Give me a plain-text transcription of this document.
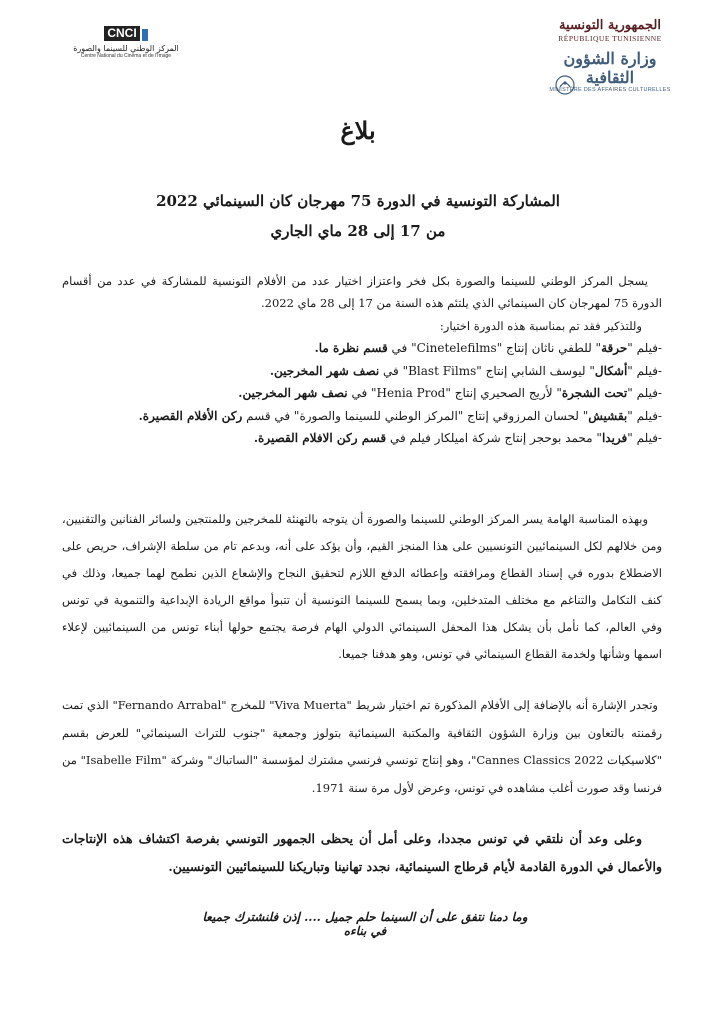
الجمهورية التونسية
RÉPUBLIQUE TUNISIENNE
وزارة الشؤون الثقافية
MINISTÈRE DES AFFAIRES CULTURELLES
CNCI
المركز الوطني للسينما والصورة
Centre National du Cinéma et de l'Image
بلاغ
المشاركة التونسية في الدورة 75 مهرجان كان السينمائي 2022
من 17 إلى 28 ماي الجاري
يسجل المركز الوطني للسينما والصورة بكل فخر واعتزاز اختيار عدد من الأفلام التونسية للمشاركة في عدد من أقسام الدورة 75 لمهرجان كان السينمائي الذي يلتئم هذه السنة من 17 إلى 28 ماي 2022.
وللتذكير فقد تم بمناسبة هذه الدورة اختيار:
-فيلم "حرقة" للطفي ناثان إنتاج "Cinetelefilms" في قسم نظرة ما.
-فيلم "أشكال" ليوسف الشابي إنتاج "Blast Films" في نصف شهر المخرجين.
-فيلم "تحت الشجرة" لأريج الصحيري إنتاج "Henia Prod" في نصف شهر المخرجين.
-فيلم "بقشيش" لحسان المرزوقي إنتاج "المركز الوطني للسينما والصورة" في قسم ركن الأفلام القصيرة.
-فيلم "فريدا" محمد بوحجر إنتاج شركة اميلكار فيلم في قسم ركن الافلام القصيرة.
وبهذه المناسبة الهامة يسر المركز الوطني للسينما والصورة أن يتوجه بالتهنئة للمخرجين وللمنتجين ولسائر الفنانين والتقنيين، ومن خلالهم لكل السينمائيين التونسيين على هذا المنجز القيم، وأن يؤكد على أنه، وبدعم تام من سلطة الإشراف، حريص على الاضطلاع بدوره في إسناد القطاع ومرافقته وإعطائه الدفع اللازم لتحقيق النجاح والإشعاع الذين نطمح لهما جميعا، وذلك في كنف التكامل والتناغم مع مختلف المتدخلين، وبما يسمح للسينما التونسية أن تتبوأ مواقع الريادة الإبداعية والتنموية في تونس وفي العالم، كما نأمل بأن يشكل هذا المحفل السينمائي الدولي الهام فرصة يجتمع حولها أبناء تونس من السينمائيين لإعلاء اسمها وشأنها ولخدمة القطاع السينمائي في تونس، وهو هدفنا جميعا.
وتجدر الإشارة أنه بالإضافة إلى الأفلام المذكورة تم اختيار شريط "Viva Muerta" للمخرج "Fernando Arrabal" الذي تمت رقمنته بالتعاون بين وزارة الشؤون الثقافية والمكتبة السينمائية بتولوز وجمعية "جنوب للتراث السينمائي" للعرض بقسم "كلاسيكيات Cannes Classics 2022"، وهو إنتاج تونسي فرنسي مشترك لمؤسسة "الساتباك" وشركة "Isabelle Film" من فرنسا وقد صورت أغلب مشاهده في تونس، وعرض لأول مرة سنة 1971.
وعلى وعد أن نلتقي في تونس مجددا، وعلى أمل أن يحظى الجمهور التونسي بفرصة اكتشاف هذه الإنتاجات والأعمال في الدورة القادمة لأيام قرطاج السينمائية، نجدد تهانينا وتباريكنا للسينمائيين التونسيين.
وما دمنا نتفق على أن السينما حلم جميل .... إذن فلنشترك جميعا في بناءه
